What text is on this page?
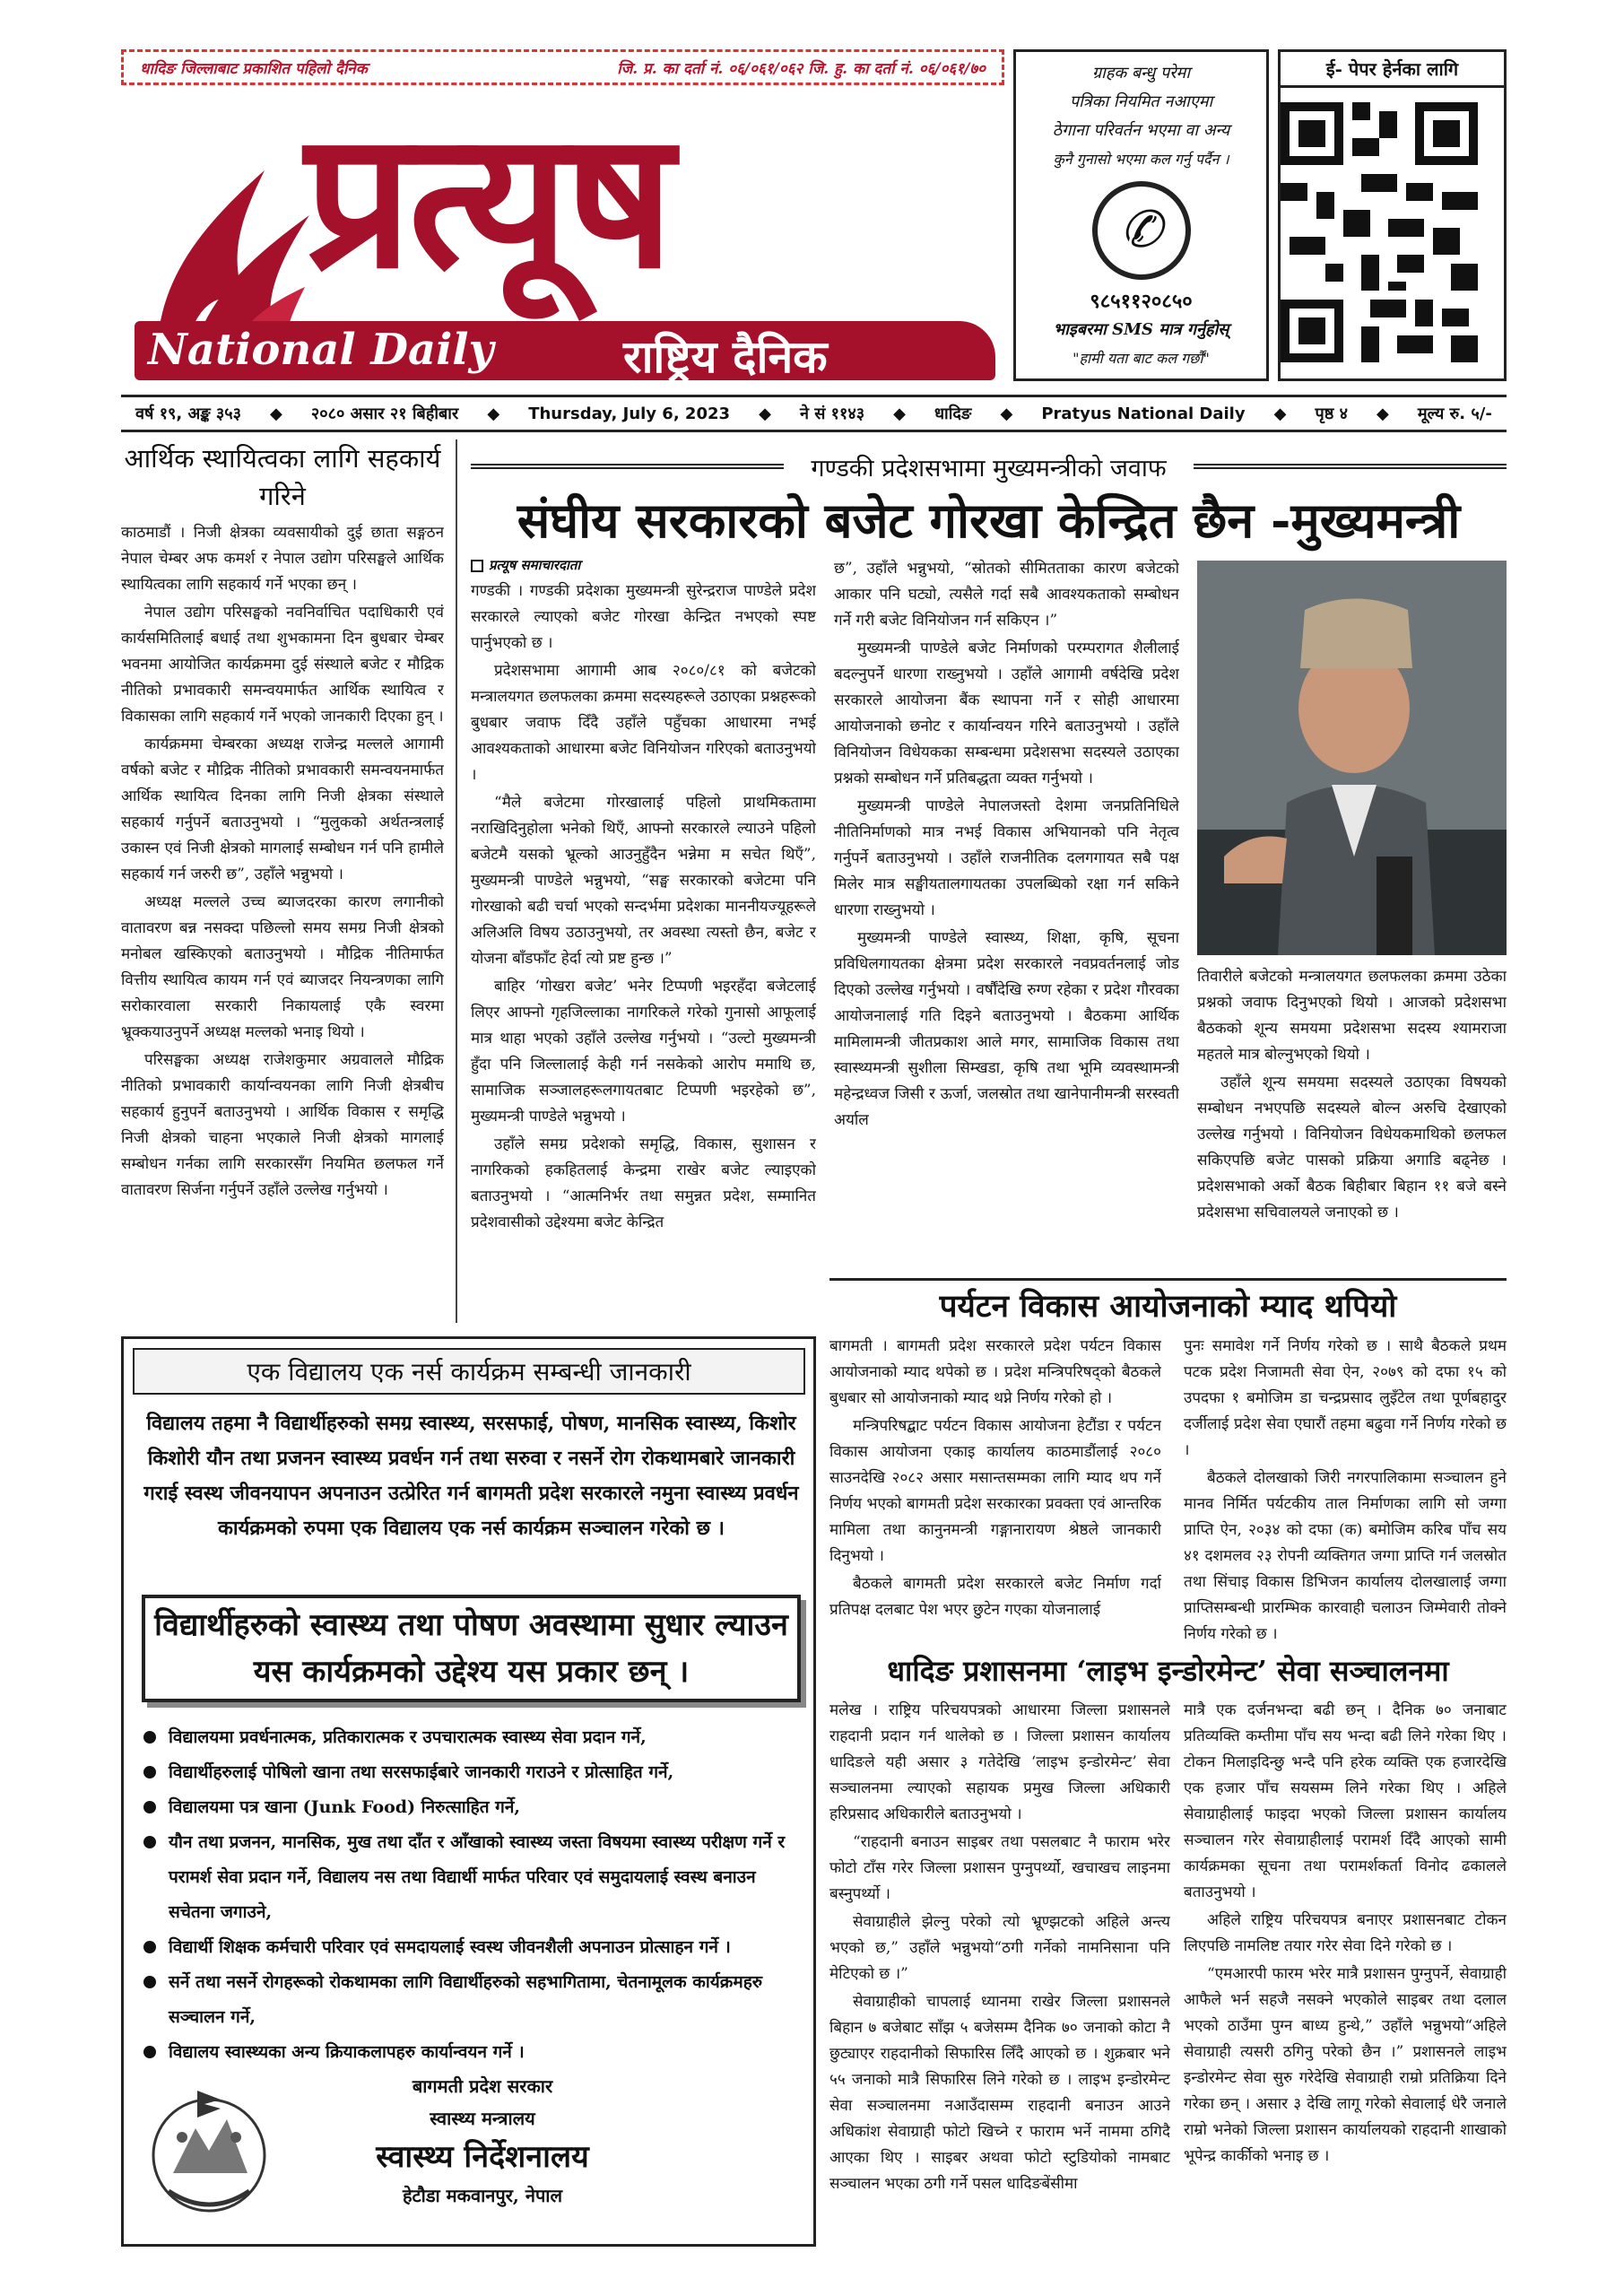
धादिङ जिल्लाबाट प्रकाशित पहिलो दैनिक	जि. प्र. का दर्ता नं. ०६/०६१/०६२ जि. हु. का दर्ता नं. ०६/०६१/७०
प्रत्यूष
National Daily	राष्ट्रिय दैनिक
ग्राहक बन्धु परेमा
पत्रिका नियमित नआएमा
ठेगाना परिवर्तन भएमा वा अन्य
कुनै गुनासो भएमा कल गर्नु पर्दैन ।
✆
९८५११२०८५०
भाइबरमा SMS मात्र गर्नुहोस्
"हामी यता बाट कल गर्छौं"
ई- पेपर हेर्नका लागि
वर्ष १९, अङ्क ३५३ ◆ २०८० असार २१ बिहीबार ◆ Thursday, July 6, 2023 ◆ ने सं ११४३ ◆ धादिङ ◆ Pratyus National Daily ◆ पृष्ठ ४ ◆ मूल्य रु. ५/-
आर्थिक स्थायित्वका लागि सहकार्य गरिने

काठमाडौं । निजी क्षेत्रका व्यवसायीको दुई छाता सङ्गठन नेपाल चेम्बर अफ कमर्श र नेपाल उद्योग परिसङ्घले आर्थिक स्थायित्वका लागि सहकार्य गर्ने भएका छन् ।

नेपाल उद्योग परिसङ्घको नवनिर्वाचित पदाधिकारी एवं कार्यसमितिलाई बधाई तथा शुभकामना दिन बुधबार चेम्बर भवनमा आयोजित कार्यक्रममा दुई संस्थाले बजेट र मौद्रिक नीतिको प्रभावकारी समन्वयमार्फत आर्थिक स्थायित्व र विकासका लागि सहकार्य गर्ने भएको जानकारी दिएका हुन् ।

कार्यक्रममा चेम्बरका अध्यक्ष राजेन्द्र मल्लले आगामी वर्षको बजेट र मौद्रिक नीतिको प्रभावकारी समन्वयनमार्फत आर्थिक स्थायित्व दिनका लागि निजी क्षेत्रका संस्थाले सहकार्य गर्नुपर्ने बताउनुभयो । “मुलुकको अर्थतन्त्रलाई उकास्न एवं निजी क्षेत्रको मागलाई सम्बोधन गर्न पनि हामीले सहकार्य गर्न जरुरी छ”, उहाँले भन्नुभयो ।

अध्यक्ष मल्लले उच्च ब्याजदरका कारण लगानीको वातावरण बन्न नसक्दा पछिल्लो समय समग्र निजी क्षेत्रको मनोबल खस्किएको बताउनुभयो । मौद्रिक नीतिमार्फत वित्तीय स्थायित्व कायम गर्न एवं ब्याजदर नियन्त्रणका लागि सरोकारवाला सरकारी निकायलाई एकै स्वरमा भ्रूक्कयाउनुपर्ने अध्यक्ष मल्लको भनाइ थियो ।

परिसङ्घका अध्यक्ष राजेशकुमार अग्रवालले मौद्रिक नीतिको प्रभावकारी कार्यान्वयनका लागि निजी क्षेत्रबीच सहकार्य हुनुपर्ने बताउनुभयो । आर्थिक विकास र समृद्धि निजी क्षेत्रको चाहना भएकाले निजी क्षेत्रको मागलाई सम्बोधन गर्नका लागि सरकारसँग नियमित छलफल गर्ने वातावरण सिर्जना गर्नुपर्ने उहाँले उल्लेख गर्नुभयो ।

गण्डकी प्रदेशसभामा मुख्यमन्त्रीको जवाफ
संघीय सरकारको बजेट गोरखा केन्द्रित छैन -मुख्यमन्त्री
प्रत्यूष समाचारदाता

गण्डकी । गण्डकी प्रदेशका मुख्यमन्त्री सुरेन्द्रराज पाण्डेले प्रदेश सरकारले ल्याएको बजेट गोरखा केन्द्रित नभएको स्पष्ट पार्नुभएको छ ।

प्रदेशसभामा आगामी आब २०८०/८१ को बजेटको मन्त्रालयगत छलफलका क्रममा सदस्यहरूले उठाएका प्रश्नहरूको बुधबार जवाफ दिँदै उहाँले पहुँचका आधारमा नभई आवश्यकताको आधारमा बजेट विनियोजन गरिएको बताउनुभयो ।

“मैले बजेटमा गोरखालाई पहिलो प्राथमिकतामा नराखिदिनुहोला भनेको थिएँ, आफ्नो सरकारले ल्याउने पहिलो बजेटमै यसको भ्रूल्को आउनुहुँदैन भन्नेमा म सचेत थिएँ”, मुख्यमन्त्री पाण्डेले भन्नुभयो, “सङ्घ सरकारको बजेटमा पनि गोरखाको बढी चर्चा भएको सन्दर्भमा प्रदेशका माननीयज्यूहरूले अलिअलि विषय उठाउनुभयो, तर अवस्था त्यस्तो छैन, बजेट र योजना बाँडफाँट हेर्दा त्यो प्रष्ट हुन्छ ।”

बाहिर ‘गोखरा बजेट’ भनेर टिप्पणी भइरहँदा बजेटलाई लिएर आफ्नो गृहजिल्लाका नागरिकले गरेको गुनासो आफूलाई मात्र थाहा भएको उहाँले उल्लेख गर्नुभयो । “उल्टो मुख्यमन्त्री हुँदा पनि जिल्लालाई केही गर्न नसकेको आरोप ममाथि छ, सामाजिक सञ्जालहरूलगायतबाट टिप्पणी भइरहेको छ”, मुख्यमन्त्री पाण्डेले भन्नुभयो ।

उहाँले समग्र प्रदेशको समृद्धि, विकास, सुशासन र नागरिकको हकहितलाई केन्द्रमा राखेर बजेट ल्याइएको बताउनुभयो । “आत्मनिर्भर तथा समुन्नत प्रदेश, सम्मानित प्रदेशवासीको उद्देश्यमा बजेट केन्द्रित

छ”, उहाँले भन्नुभयो, “स्रोतको सीमितताका कारण बजेटको आकार पनि घट्यो, त्यसैले गर्दा सबै आवश्यकताको सम्बोधन गर्ने गरी बजेट विनियोजन गर्न सकिएन ।”

मुख्यमन्त्री पाण्डेले बजेट निर्माणको परम्परागत शैलीलाई बदल्नुपर्ने धारणा राख्नुभयो । उहाँले आगामी वर्षदेखि प्रदेश सरकारले आयोजना बैंक स्थापना गर्ने र सोही आधारमा आयोजनाको छनोट र कार्यान्वयन गरिने बताउनुभयो । उहाँले विनियोजन विधेयकका सम्बन्धमा प्रदेशसभा सदस्यले उठाएका प्रश्नको सम्बोधन गर्ने प्रतिबद्धता व्यक्त गर्नुभयो ।

मुख्यमन्त्री पाण्डेले नेपालजस्तो देशमा जनप्रतिनिधिले नीतिनिर्माणको मात्र नभई विकास अभियानको पनि नेतृत्व गर्नुपर्ने बताउनुभयो । उहाँले राजनीतिक दलगगायत सबै पक्ष मिलेर मात्र सङ्घीयतालगायतका उपलब्धिको रक्षा गर्न सकिने धारणा राख्नुभयो ।

मुख्यमन्त्री पाण्डेले स्वास्थ्य, शिक्षा, कृषि, सूचना प्रविधिलगायतका क्षेत्रमा प्रदेश सरकारले नवप्रवर्तनलाई जोड दिएको उल्लेख गर्नुभयो । वर्षौंदेखि रुग्ण रहेका र प्रदेश गौरवका आयोजनालाई गति दिइने बताउनुभयो । बैठकमा आर्थिक मामिलामन्त्री जीतप्रकाश आले मगर, सामाजिक विकास तथा स्वास्थ्यमन्त्री सुशीला सिम्खडा, कृषि तथा भूमि व्यवस्थामन्त्री महेन्द्रध्वज जिसी र ऊर्जा, जलस्रोत तथा खानेपानीमन्त्री सरस्वती अर्याल

तिवारीले बजेटको मन्त्रालयगत छलफलका क्रममा उठेका प्रश्नको जवाफ दिनुभएको थियो । आजको प्रदेशसभा बैठकको शून्य समयमा प्रदेशसभा सदस्य श्यामराजा महतले मात्र बोल्नुभएको थियो ।

उहाँले शून्य समयमा सदस्यले उठाएका विषयको सम्बोधन नभएपछि सदस्यले बोल्न अरुचि देखाएको उल्लेख गर्नुभयो । विनियोजन विधेयकमाथिको छलफल सकिएपछि बजेट पासको प्रक्रिया अगाडि बढ्नेछ । प्रदेशसभाको अर्को बैठक बिहीबार बिहान ११ बजे बस्ने प्रदेशसभा सचिवालयले जनाएको छ ।

पर्यटन विकास आयोजनाको म्याद थपियो

बागमती । बागमती प्रदेश सरकारले प्रदेश पर्यटन विकास आयोजनाको म्याद थपेको छ । प्रदेश मन्त्रिपरिषद्को बैठकले बुधबार सो आयोजनाको म्याद थप्ने निर्णय गरेको हो ।

मन्त्रिपरिषद्बाट पर्यटन विकास आयोजना हेटौंडा र पर्यटन विकास आयोजना एकाइ कार्यालय काठमाडौंलाई २०८० साउनदेखि २०८२ असार मसान्तसम्मका लागि म्याद थप गर्ने निर्णय भएको बागमती प्रदेश सरकारका प्रवक्ता एवं आन्तरिक मामिला तथा कानुनमन्त्री गङ्गानारायण श्रेष्ठले जानकारी दिनुभयो ।

बैठकले बागमती प्रदेश सरकारले बजेट निर्माण गर्दा प्रतिपक्ष दलबाट पेश भएर छुटेन गएका योजनालाई

पुनः समावेश गर्ने निर्णय गरेको छ । साथै बैठकले प्रथम पटक प्रदेश निजामती सेवा ऐन, २०७९ को दफा १५ को उपदफा १ बमोजिम डा चन्द्रप्रसाद लुइँटेल तथा पूर्णबहादुर दर्जीलाई प्रदेश सेवा एघारौं तहमा बढुवा गर्ने निर्णय गरेको छ ।

बैठकले दोलखाको जिरी नगरपालिकामा सञ्चालन हुने मानव निर्मित पर्यटकीय ताल निर्माणका लागि सो जग्गा प्राप्ति ऐन, २०३४ को दफा (क) बमोजिम करिब पाँच सय ४१ दशमलव २३ रोपनी व्यक्तिगत जग्गा प्राप्ति गर्न जलस्रोत तथा सिंचाइ विकास डिभिजन कार्यालय दोलखालाई जग्गा प्राप्तिसम्बन्धी प्रारम्भिक कारवाही चलाउन जिम्मेवारी तोक्ने निर्णय गरेको छ ।

धादिङ प्रशासनमा ‘लाइभ इन्डोरमेन्ट’ सेवा सञ्चालनमा

मलेख । राष्ट्रिय परिचयपत्रको आधारमा जिल्ला प्रशासनले राहदानी प्रदान गर्न थालेको छ । जिल्ला प्रशासन कार्यालय धादिङले यही असार ३ गतेदेखि ‘लाइभ इन्डोरमेन्ट’ सेवा सञ्चालनमा ल्याएको सहायक प्रमुख जिल्ला अधिकारी हरिप्रसाद अधिकारीले बताउनुभयो ।

“राहदानी बनाउन साइबर तथा पसलबाट नै फाराम भरेर फोटो टाँस गरेर जिल्ला प्रशासन पुग्नुपर्थ्यो, खचाखच लाइनमा बस्नुपर्थ्यो ।

सेवाग्राहीले झेल्नु परेको त्यो भ्रूण्झटको अहिले अन्त्य भएको छ,” उहाँले भन्नुभयो“ठगी गर्नेको नामनिसाना पनि मेटिएको छ ।”

सेवाग्राहीको चापलाई ध्यानमा राखेर जिल्ला प्रशासनले बिहान ७ बजेबाट साँझ ५ बजेसम्म दैनिक ७० जनाको कोटा नै छुट्याएर राहदानीको सिफारिस लिँदै आएको छ । शुक्रबार भने ५५ जनाको मात्रै सिफारिस लिने गरेको छ । लाइभ इन्डोरमेन्ट सेवा सञ्चालनमा नआउँदासम्म राहदानी बनाउन आउने अधिकांश सेवाग्राही फोटो खिच्ने र फाराम भर्ने नाममा ठगिदै आएका थिए । साइबर अथवा फोटो स्टुडियोको नामबाट सञ्चालन भएका ठगी गर्ने पसल धादिङबेंसीमा

मात्रै एक दर्जनभन्दा बढी छन् । दैनिक ७० जनाबाट प्रतिव्यक्ति कम्तीमा पाँच सय भन्दा बढी लिने गरेका थिए । टोकन मिलाइदिन्छु भन्दै पनि हरेक व्यक्ति एक हजारदेखि एक हजार पाँच सयसम्म लिने गरेका थिए । अहिले सेवाग्राहीलाई फाइदा भएको जिल्ला प्रशासन कार्यालय सञ्चालन गरेर सेवाग्राहीलाई परामर्श दिँदै आएको सामी कार्यक्रमका सूचना तथा परामर्शकर्ता विनोद ढकालले बताउनुभयो ।

अहिले राष्ट्रिय परिचयपत्र बनाएर प्रशासनबाट टोकन लिएपछि नामलिष्ट तयार गरेर सेवा दिने गरेको छ ।

“एमआरपी फारम भरेर मात्रै प्रशासन पुग्नुपर्ने, सेवाग्राही आफैले भर्न सहजै नसक्ने भएकोले साइबर तथा दलाल भएको ठाउँमा पुग्न बाध्य हुन्थे,” उहाँले भन्नुभयो“अहिले सेवाग्राही त्यसरी ठगिनु परेको छैन ।” प्रशासनले लाइभ इन्डोरमेन्ट सेवा सुरु गरेदेखि सेवाग्राही राम्रो प्रतिक्रिया दिने गरेका छन् । असार ३ देखि लागू गरेको सेवालाई धेरै जनाले राम्रो भनेको जिल्ला प्रशासन कार्यालयको राहदानी शाखाको भूपेन्द्र कार्कीको भनाइ छ ।

एक विद्यालय एक नर्स कार्यक्रम सम्बन्धी जानकारी
विद्यालय तहमा नै विद्यार्थीहरुको समग्र स्वास्थ्य, सरसफाई, पोषण, मानसिक स्वास्थ्य, किशोर किशोरी यौन तथा प्रजनन स्वास्थ्य प्रवर्धन गर्न तथा सरुवा र नसर्ने रोग रोकथामबारे जानकारी गराई स्वस्थ जीवनयापन अपनाउन उत्प्रेरित गर्न बागमती प्रदेश सरकारले नमुना स्वास्थ्य प्रवर्धन कार्यक्रमको रुपमा एक विद्यालय एक नर्स कार्यक्रम सञ्चालन गरेको छ ।
विद्यार्थीहरुको स्वास्थ्य तथा पोषण अवस्थामा सुधार ल्याउन
यस कार्यक्रमको उद्देश्य यस प्रकार छन् ।
विद्यालयमा प्रवर्धनात्मक, प्रतिकारात्मक र उपचारात्मक स्वास्थ्य सेवा प्रदान गर्ने,
विद्यार्थीहरुलाई पोषिलो खाना तथा सरसफाईबारे जानकारी गराउने र प्रोत्साहित गर्ने,
विद्यालयमा पत्र खाना (Junk Food) निरुत्साहित गर्ने,
यौन तथा प्रजनन, मानसिक, मुख तथा दाँत र आँखाको स्वास्थ्य जस्ता विषयमा स्वास्थ्य परीक्षण गर्ने र परामर्श सेवा प्रदान गर्ने, विद्यालय नस तथा विद्यार्थी मार्फत परिवार एवं समुदायलाई स्वस्थ बनाउन सचेतना जगाउने,
विद्यार्थी शिक्षक कर्मचारी परिवार एवं समदायलाई स्वस्थ जीवनशैली अपनाउन प्रोत्साहन गर्ने ।
सर्ने तथा नसर्ने रोगहरूको रोकथामका लागि विद्यार्थीहरुको सहभागितामा, चेतनामूलक कार्यक्रमहरु सञ्चालन गर्ने,
विद्यालय स्वास्थ्यका अन्य क्रियाकलापहरु कार्यान्वयन गर्ने ।
बागमती प्रदेश सरकार
स्वास्थ्य मन्त्रालय
स्वास्थ्य निर्देशनालय
हेटौडा मकवानपुर, नेपाल
